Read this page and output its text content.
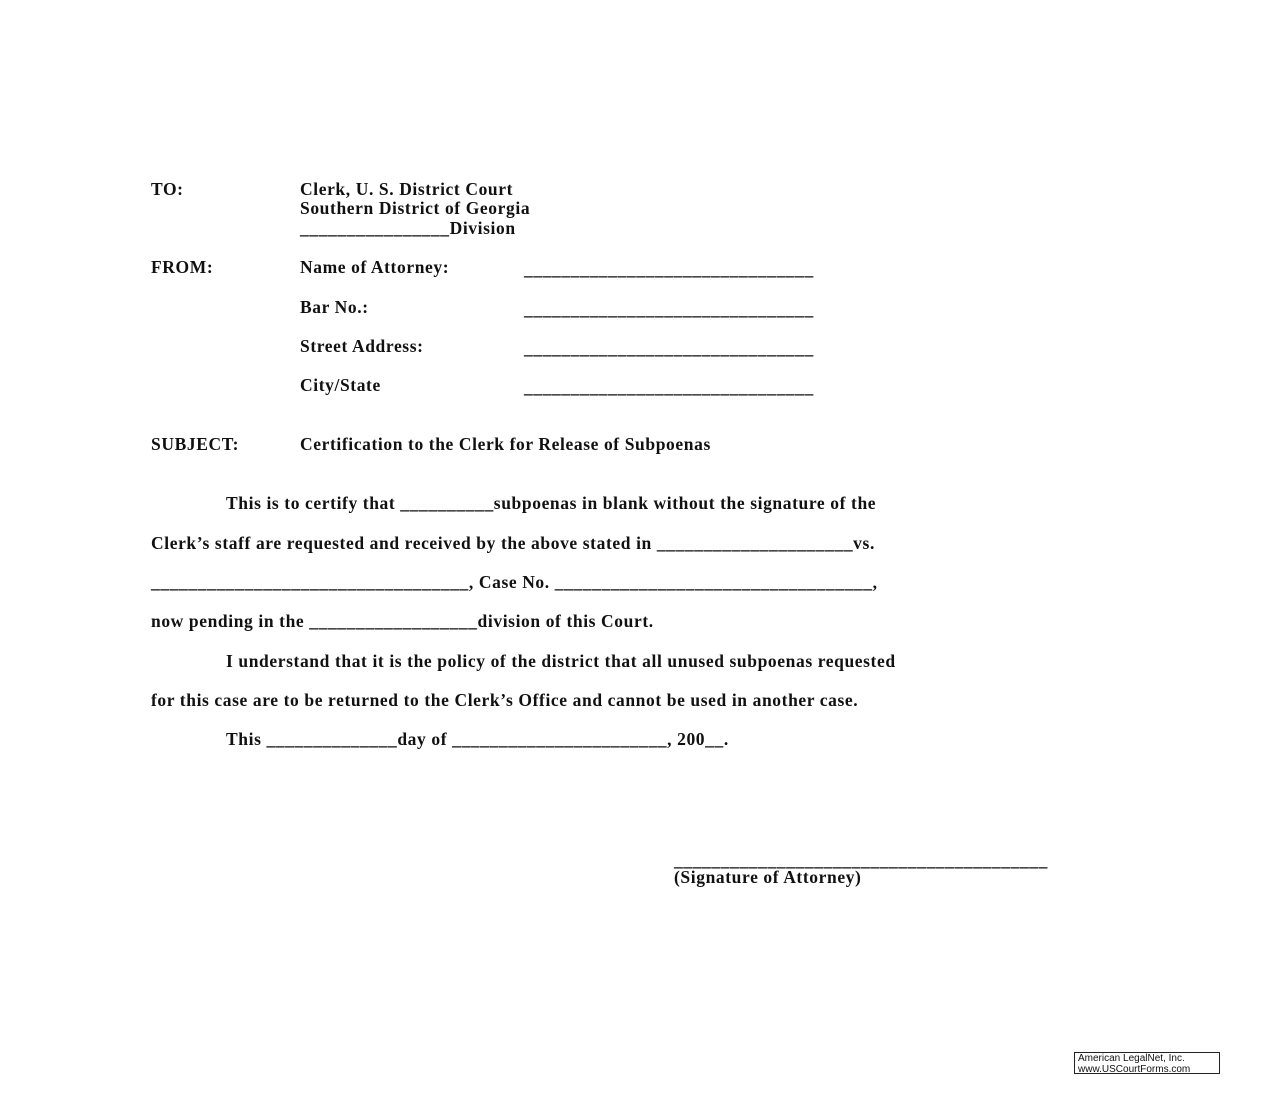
TO:	Clerk, U. S. District Court
Southern District of Georgia
________________Division
FROM:	Name of Attorney:	_______________________________
Bar No.:	_______________________________
Street Address:	_______________________________
City/State	_______________________________
SUBJECT:	Certification to the Clerk for Release of Subpoenas
This is to certify that __________subpoenas in blank without the signature of the
Clerk’s staff are requested and received by the above stated in _____________________vs.
__________________________________, Case No. __________________________________,
now pending in the __________________division of this Court.
I understand that it is the policy of the district that all unused subpoenas requested
for this case are to be returned to the Clerk’s Office and cannot be used in another case.
This ______________day of _______________________, 200__.
________________________________________
(Signature of Attorney)
American LegalNet, Inc.
www.USCourtForms.com
